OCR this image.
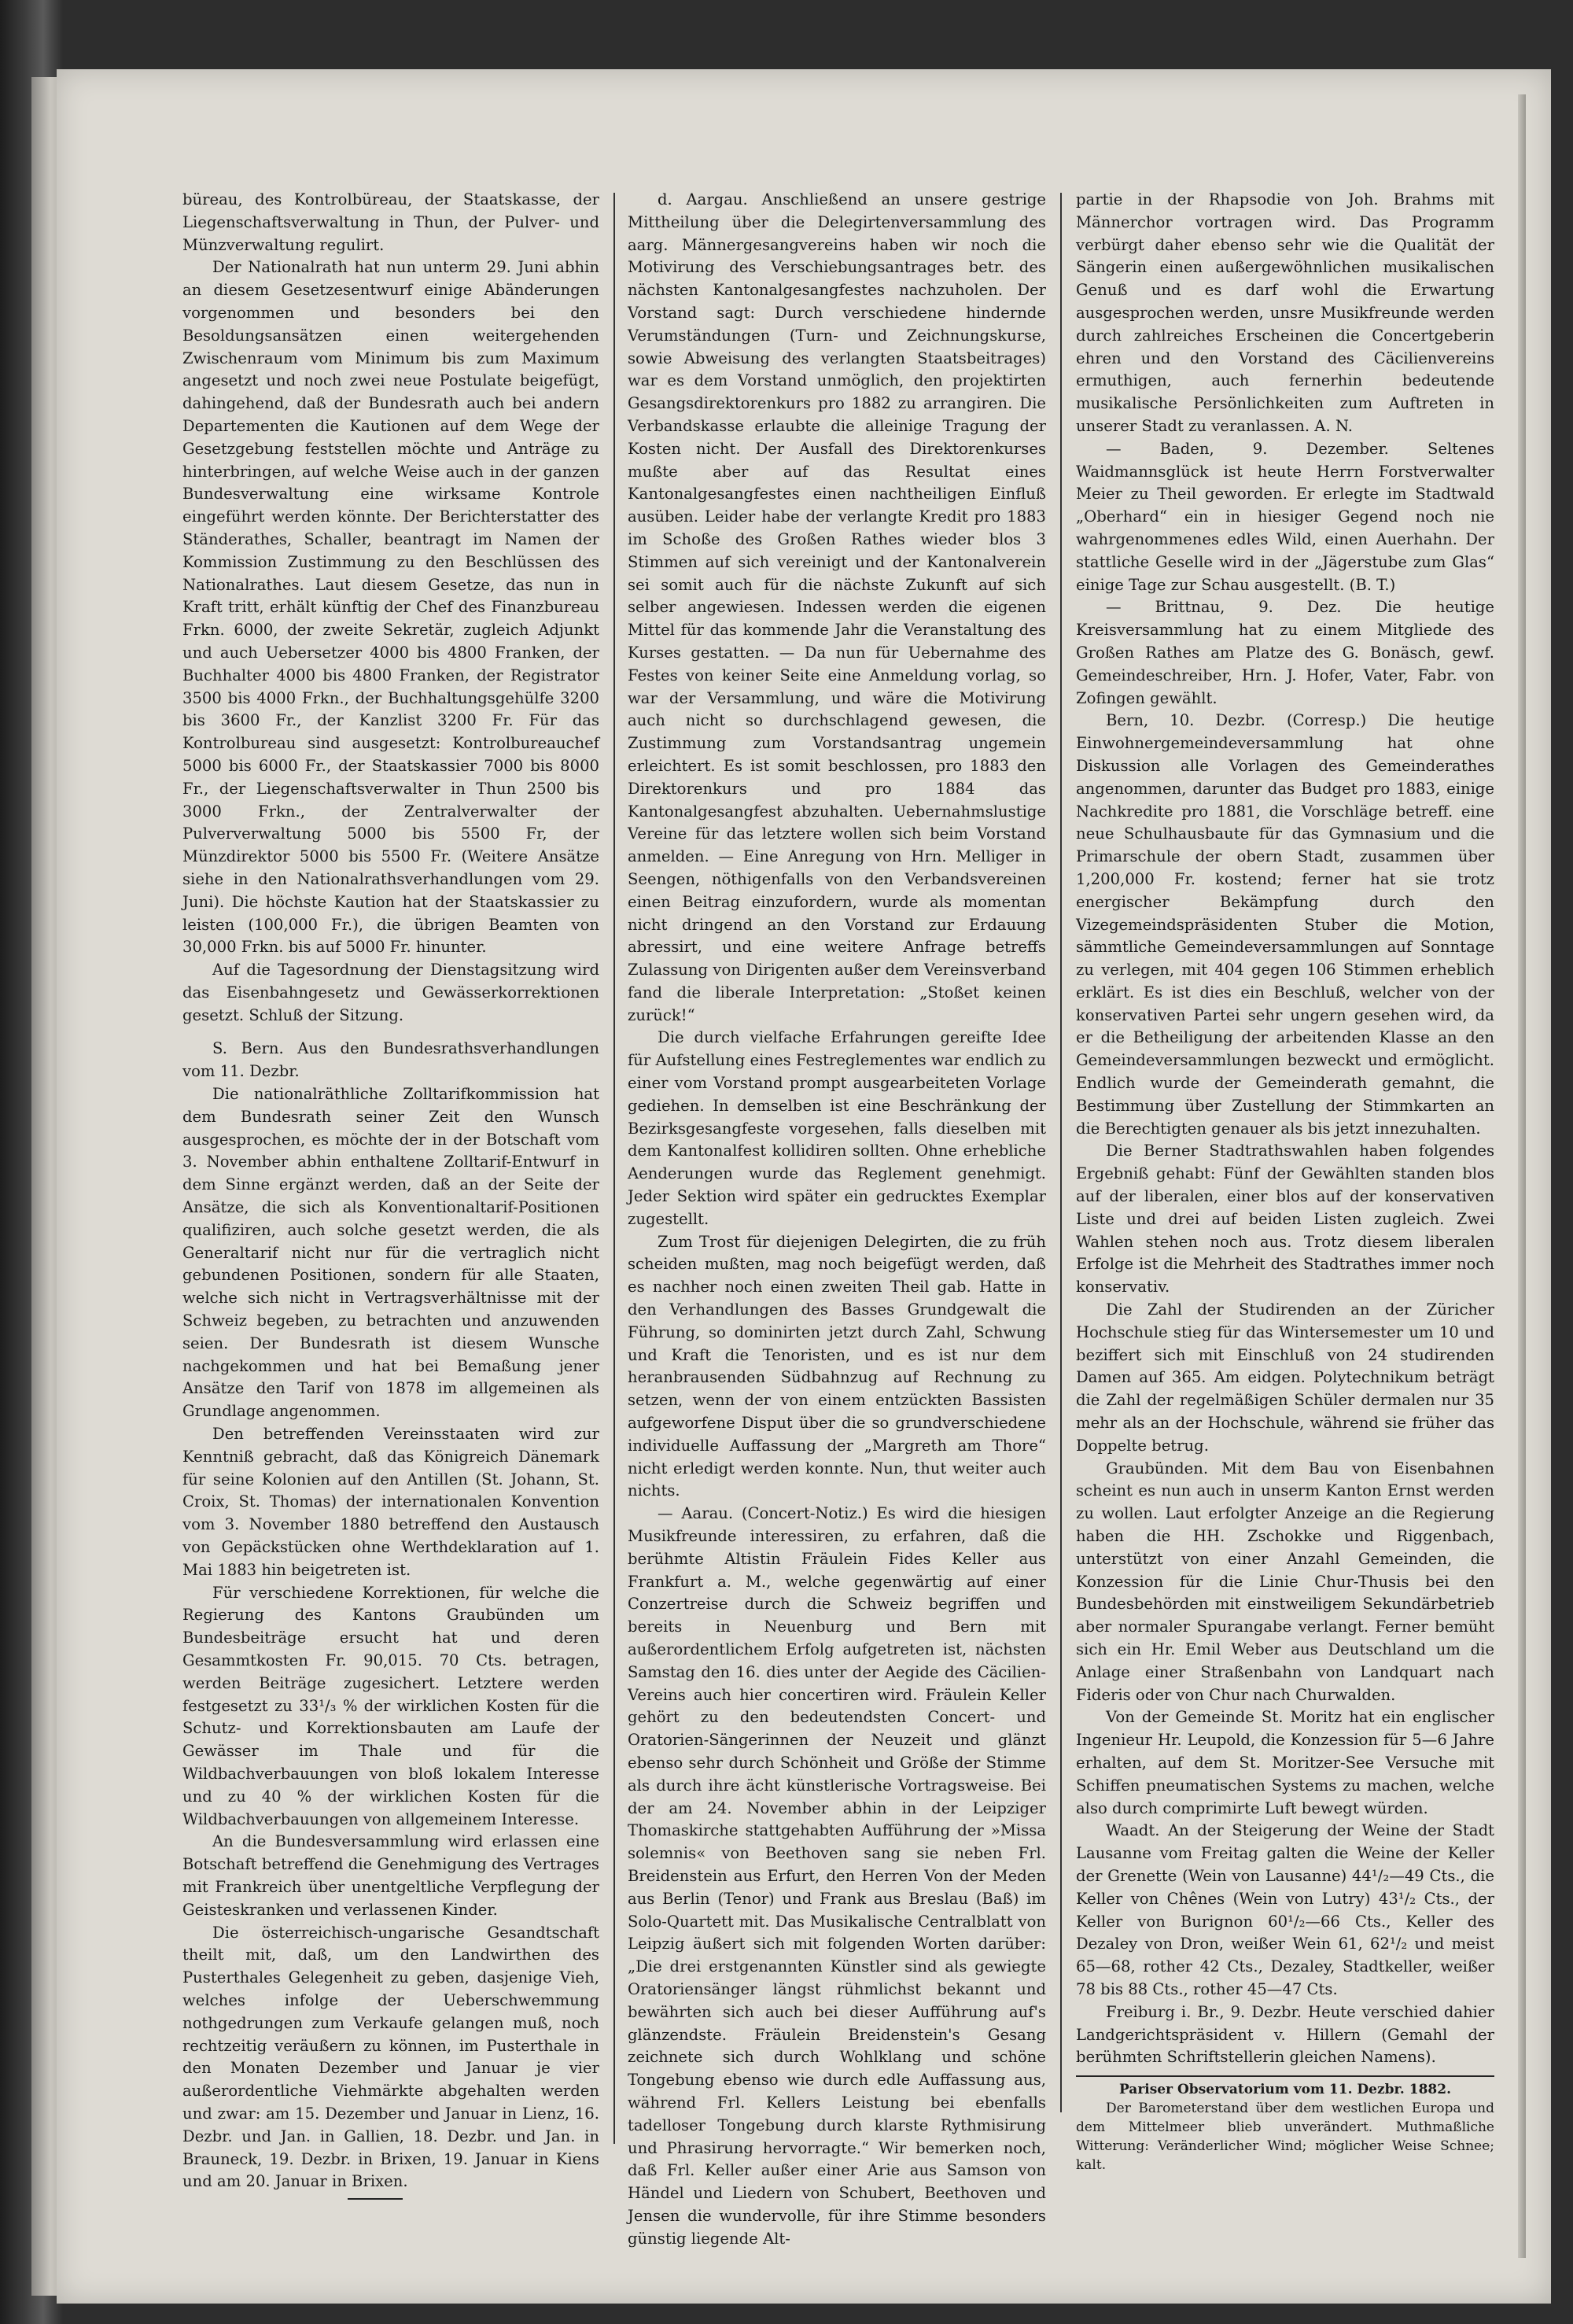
büreau, des Kontrolbüreau, der Staatskasse, der Liegenschaftsverwaltung in Thun, der Pulver- und Münzverwaltung regulirt.

Der Nationalrath hat nun unterm 29. Juni abhin an diesem Gesetzesentwurf einige Abänderungen vorgenommen und besonders bei den Besoldungsansätzen einen weitergehenden Zwischenraum vom Minimum bis zum Maximum angesetzt und noch zwei neue Postulate beigefügt, dahingehend, daß der Bundesrath auch bei andern Departementen die Kautionen auf dem Wege der Gesetzgebung feststellen möchte und Anträge zu hinterbringen, auf welche Weise auch in der ganzen Bundesverwaltung eine wirksame Kontrole eingeführt werden könnte. Der Berichterstatter des Ständerathes, Schaller, beantragt im Namen der Kommission Zustimmung zu den Beschlüssen des Nationalrathes. Laut diesem Gesetze, das nun in Kraft tritt, erhält künftig der Chef des Finanzbureau Frkn. 6000, der zweite Sekretär, zugleich Adjunkt und auch Uebersetzer 4000 bis 4800 Franken, der Buchhalter 4000 bis 4800 Franken, der Registrator 3500 bis 4000 Frkn., der Buchhaltungsgehülfe 3200 bis 3600 Fr., der Kanzlist 3200 Fr. Für das Kontrolbureau sind ausgesetzt: Kontrolbureauchef 5000 bis 6000 Fr., der Staatskassier 7000 bis 8000 Fr., der Liegenschaftsverwalter in Thun 2500 bis 3000 Frkn., der Zentralverwalter der Pulververwaltung 5000 bis 5500 Fr, der Münzdirektor 5000 bis 5500 Fr. (Weitere Ansätze siehe in den Nationalrathsverhandlungen vom 29. Juni). Die höchste Kaution hat der Staatskassier zu leisten (100,000 Fr.), die übrigen Beamten von 30,000 Frkn. bis auf 5000 Fr. hinunter.

Auf die Tagesordnung der Dienstagsitzung wird das Eisenbahngesetz und Gewässerkorrektionen gesetzt. Schluß der Sitzung.

S. Bern. Aus den Bundesrathsverhandlungen vom 11. Dezbr.

Die nationalräthliche Zolltarifkommission hat dem Bundesrath seiner Zeit den Wunsch ausgesprochen, es möchte der in der Botschaft vom 3. November abhin enthaltene Zolltarif-Entwurf in dem Sinne ergänzt werden, daß an der Seite der Ansätze, die sich als Konventionaltarif-Positionen qualifiziren, auch solche gesetzt werden, die als Generaltarif nicht nur für die vertraglich nicht gebundenen Positionen, sondern für alle Staaten, welche sich nicht in Vertragsverhältnisse mit der Schweiz begeben, zu betrachten und anzuwenden seien. Der Bundesrath ist diesem Wunsche nachgekommen und hat bei Bemaßung jener Ansätze den Tarif von 1878 im allgemeinen als Grundlage angenommen.

Den betreffenden Vereinsstaaten wird zur Kenntniß gebracht, daß das Königreich Dänemark für seine Kolonien auf den Antillen (St. Johann, St. Croix, St. Thomas) der internationalen Konvention vom 3. November 1880 betreffend den Austausch von Gepäckstücken ohne Werthdeklaration auf 1. Mai 1883 hin beigetreten ist.

Für verschiedene Korrektionen, für welche die Regierung des Kantons Graubünden um Bundesbeiträge ersucht hat und deren Gesammtkosten Fr. 90,015. 70 Cts. betragen, werden Beiträge zugesichert. Letztere werden festgesetzt zu 33¹/₃ % der wirklichen Kosten für die Schutz- und Korrektionsbauten am Laufe der Gewässer im Thale und für die Wildbachverbauungen von bloß lokalem Interesse und zu 40 % der wirklichen Kosten für die Wildbachverbauungen von allgemeinem Interesse.

An die Bundesversammlung wird erlassen eine Botschaft betreffend die Genehmigung des Vertrages mit Frankreich über unentgeltliche Verpflegung der Geisteskranken und verlassenen Kinder.

Die österreichisch-ungarische Gesandtschaft theilt mit, daß, um den Landwirthen des Pusterthales Gelegenheit zu geben, dasjenige Vieh, welches infolge der Ueberschwemmung nothgedrungen zum Verkaufe gelangen muß, noch rechtzeitig veräußern zu können, im Pusterthale in den Monaten Dezember und Januar je vier außerordentliche Viehmärkte abgehalten werden und zwar: am 15. Dezember und Januar in Lienz, 16. Dezbr. und Jan. in Gallien, 18. Dezbr. und Jan. in Brauneck, 19. Dezbr. in Brixen, 19. Januar in Kiens und am 20. Januar in Brixen.

d. Aargau. Anschließend an unsere gestrige Mittheilung über die Delegirtenversammlung des aarg. Männergesangvereins haben wir noch die Motivirung des Verschiebungsantrages betr. des nächsten Kantonalgesangfestes nachzuholen. Der Vorstand sagt: Durch verschiedene hindernde Verumständungen (Turn- und Zeichnungskurse, sowie Abweisung des verlangten Staatsbeitrages) war es dem Vorstand unmöglich, den projektirten Gesangsdirektorenkurs pro 1882 zu arrangiren. Die Verbandskasse erlaubte die alleinige Tragung der Kosten nicht. Der Ausfall des Direktorenkurses mußte aber auf das Resultat eines Kantonalgesangfestes einen nachtheiligen Einfluß ausüben. Leider habe der verlangte Kredit pro 1883 im Schoße des Großen Rathes wieder blos 3 Stimmen auf sich vereinigt und der Kantonalverein sei somit auch für die nächste Zukunft auf sich selber angewiesen. Indessen werden die eigenen Mittel für das kommende Jahr die Veranstaltung des Kurses gestatten. — Da nun für Uebernahme des Festes von keiner Seite eine Anmeldung vorlag, so war der Versammlung, und wäre die Motivirung auch nicht so durchschlagend gewesen, die Zustimmung zum Vorstandsantrag ungemein erleichtert. Es ist somit beschlossen, pro 1883 den Direktorenkurs und pro 1884 das Kantonalgesangfest abzuhalten. Uebernahmslustige Vereine für das letztere wollen sich beim Vorstand anmelden. — Eine Anregung von Hrn. Melliger in Seengen, nöthigenfalls von den Verbandsvereinen einen Beitrag einzufordern, wurde als momentan nicht dringend an den Vorstand zur Erdauung abressirt, und eine weitere Anfrage betreffs Zulassung von Dirigenten außer dem Vereinsverband fand die liberale Interpretation: „Stoßet keinen zurück!“

Die durch vielfache Erfahrungen gereifte Idee für Aufstellung eines Festreglementes war endlich zu einer vom Vorstand prompt ausgearbeiteten Vorlage gediehen. In demselben ist eine Beschränkung der Bezirksgesangfeste vorgesehen, falls dieselben mit dem Kantonalfest kollidiren sollten. Ohne erhebliche Aenderungen wurde das Reglement genehmigt. Jeder Sektion wird später ein gedrucktes Exemplar zugestellt.

Zum Trost für diejenigen Delegirten, die zu früh scheiden mußten, mag noch beigefügt werden, daß es nachher noch einen zweiten Theil gab. Hatte in den Verhandlungen des Basses Grundgewalt die Führung, so dominirten jetzt durch Zahl, Schwung und Kraft die Tenoristen, und es ist nur dem heranbrausenden Südbahnzug auf Rechnung zu setzen, wenn der von einem entzückten Bassisten aufgeworfene Disput über die so grundverschiedene individuelle Auffassung der „Margreth am Thore“ nicht erledigt werden konnte. Nun, thut weiter auch nichts.

— Aarau. (Concert-Notiz.) Es wird die hiesigen Musikfreunde interessiren, zu erfahren, daß die berühmte Altistin Fräulein Fides Keller aus Frankfurt a. M., welche gegenwärtig auf einer Conzertreise durch die Schweiz begriffen und bereits in Neuenburg und Bern mit außerordentlichem Erfolg aufgetreten ist, nächsten Samstag den 16. dies unter der Aegide des Cäcilien-Vereins auch hier concertiren wird. Fräulein Keller gehört zu den bedeutendsten Concert- und Oratorien-Sängerinnen der Neuzeit und glänzt ebenso sehr durch Schönheit und Größe der Stimme als durch ihre ächt künstlerische Vortragsweise. Bei der am 24. November abhin in der Leipziger Thomaskirche stattgehabten Aufführung der »Missa solemnis« von Beethoven sang sie neben Frl. Breidenstein aus Erfurt, den Herren Von der Meden aus Berlin (Tenor) und Frank aus Breslau (Baß) im Solo-Quartett mit. Das Musikalische Centralblatt von Leipzig äußert sich mit folgenden Worten darüber: „Die drei erstgenannten Künstler sind als gewiegte Oratoriensänger längst rühmlichst bekannt und bewährten sich auch bei dieser Aufführung auf's glänzendste. Fräulein Breidenstein's Gesang zeichnete sich durch Wohlklang und schöne Tongebung ebenso wie durch edle Auffassung aus, während Frl. Kellers Leistung bei ebenfalls tadelloser Tongebung durch klarste Rythmisirung und Phrasirung hervorragte.“ Wir bemerken noch, daß Frl. Keller außer einer Arie aus Samson von Händel und Liedern von Schubert, Beethoven und Jensen die wundervolle, für ihre Stimme besonders günstig liegende Alt-

partie in der Rhapsodie von Joh. Brahms mit Männerchor vortragen wird. Das Programm verbürgt daher ebenso sehr wie die Qualität der Sängerin einen außergewöhnlichen musikalischen Genuß und es darf wohl die Erwartung ausgesprochen werden, unsre Musikfreunde werden durch zahlreiches Erscheinen die Concertgeberin ehren und den Vorstand des Cäcilienvereins ermuthigen, auch fernerhin bedeutende musikalische Persönlichkeiten zum Auftreten in unserer Stadt zu veranlassen. A. N.

— Baden, 9. Dezember. Seltenes Waidmannsglück ist heute Herrn Forstverwalter Meier zu Theil geworden. Er erlegte im Stadtwald „Oberhard“ ein in hiesiger Gegend noch nie wahrgenommenes edles Wild, einen Auerhahn. Der stattliche Geselle wird in der „Jägerstube zum Glas“ einige Tage zur Schau ausgestellt. (B. T.)

— Brittnau, 9. Dez. Die heutige Kreisversammlung hat zu einem Mitgliede des Großen Rathes am Platze des G. Bonäsch, gewf. Gemeindeschreiber, Hrn. J. Hofer, Vater, Fabr. von Zofingen gewählt.

Bern, 10. Dezbr. (Corresp.) Die heutige Einwohnergemeindeversammlung hat ohne Diskussion alle Vorlagen des Gemeinderathes angenommen, darunter das Budget pro 1883, einige Nachkredite pro 1881, die Vorschläge betreff. eine neue Schulhausbaute für das Gymnasium und die Primarschule der obern Stadt, zusammen über 1,200,000 Fr. kostend; ferner hat sie trotz energischer Bekämpfung durch den Vizegemeindspräsidenten Stuber die Motion, sämmtliche Gemeindeversammlungen auf Sonntage zu verlegen, mit 404 gegen 106 Stimmen erheblich erklärt. Es ist dies ein Beschluß, welcher von der konservativen Partei sehr ungern gesehen wird, da er die Betheiligung der arbeitenden Klasse an den Gemeindeversammlungen bezweckt und ermöglicht. Endlich wurde der Gemeinderath gemahnt, die Bestimmung über Zustellung der Stimmkarten an die Berechtigten genauer als bis jetzt innezuhalten.

Die Berner Stadtrathswahlen haben folgendes Ergebniß gehabt: Fünf der Gewählten standen blos auf der liberalen, einer blos auf der konservativen Liste und drei auf beiden Listen zugleich. Zwei Wahlen stehen noch aus. Trotz diesem liberalen Erfolge ist die Mehrheit des Stadtrathes immer noch konservativ.

Die Zahl der Studirenden an der Züricher Hochschule stieg für das Wintersemester um 10 und beziffert sich mit Einschluß von 24 studirenden Damen auf 365. Am eidgen. Polytechnikum beträgt die Zahl der regelmäßigen Schüler dermalen nur 35 mehr als an der Hochschule, während sie früher das Doppelte betrug.

Graubünden. Mit dem Bau von Eisenbahnen scheint es nun auch in unserm Kanton Ernst werden zu wollen. Laut erfolgter Anzeige an die Regierung haben die HH. Zschokke und Riggenbach, unterstützt von einer Anzahl Gemeinden, die Konzession für die Linie Chur-Thusis bei den Bundesbehörden mit einstweiligem Sekundärbetrieb aber normaler Spurangabe verlangt. Ferner bemüht sich ein Hr. Emil Weber aus Deutschland um die Anlage einer Straßenbahn von Landquart nach Fideris oder von Chur nach Churwalden.

Von der Gemeinde St. Moritz hat ein englischer Ingenieur Hr. Leupold, die Konzession für 5—6 Jahre erhalten, auf dem St. Moritzer-See Versuche mit Schiffen pneumatischen Systems zu machen, welche also durch comprimirte Luft bewegt würden.

Waadt. An der Steigerung der Weine der Stadt Lausanne vom Freitag galten die Weine der Keller der Grenette (Wein von Lausanne) 44¹/₂—49 Cts., die Keller von Chênes (Wein von Lutry) 43¹/₂ Cts., der Keller von Burignon 60¹/₂—66 Cts., Keller des Dezaley von Dron, weißer Wein 61, 62¹/₂ und meist 65—68, rother 42 Cts., Dezaley, Stadtkeller, weißer 78 bis 88 Cts., rother 45—47 Cts.

Freiburg i. Br., 9. Dezbr. Heute verschied dahier Landgerichtspräsident v. Hillern (Gemahl der berühmten Schriftstellerin gleichen Namens).

Pariser Observatorium vom 11. Dezbr. 1882.

Der Barometerstand über dem westlichen Europa und dem Mittelmeer blieb unverändert. Muthmaßliche Witterung: Veränderlicher Wind; möglicher Weise Schnee; kalt.
